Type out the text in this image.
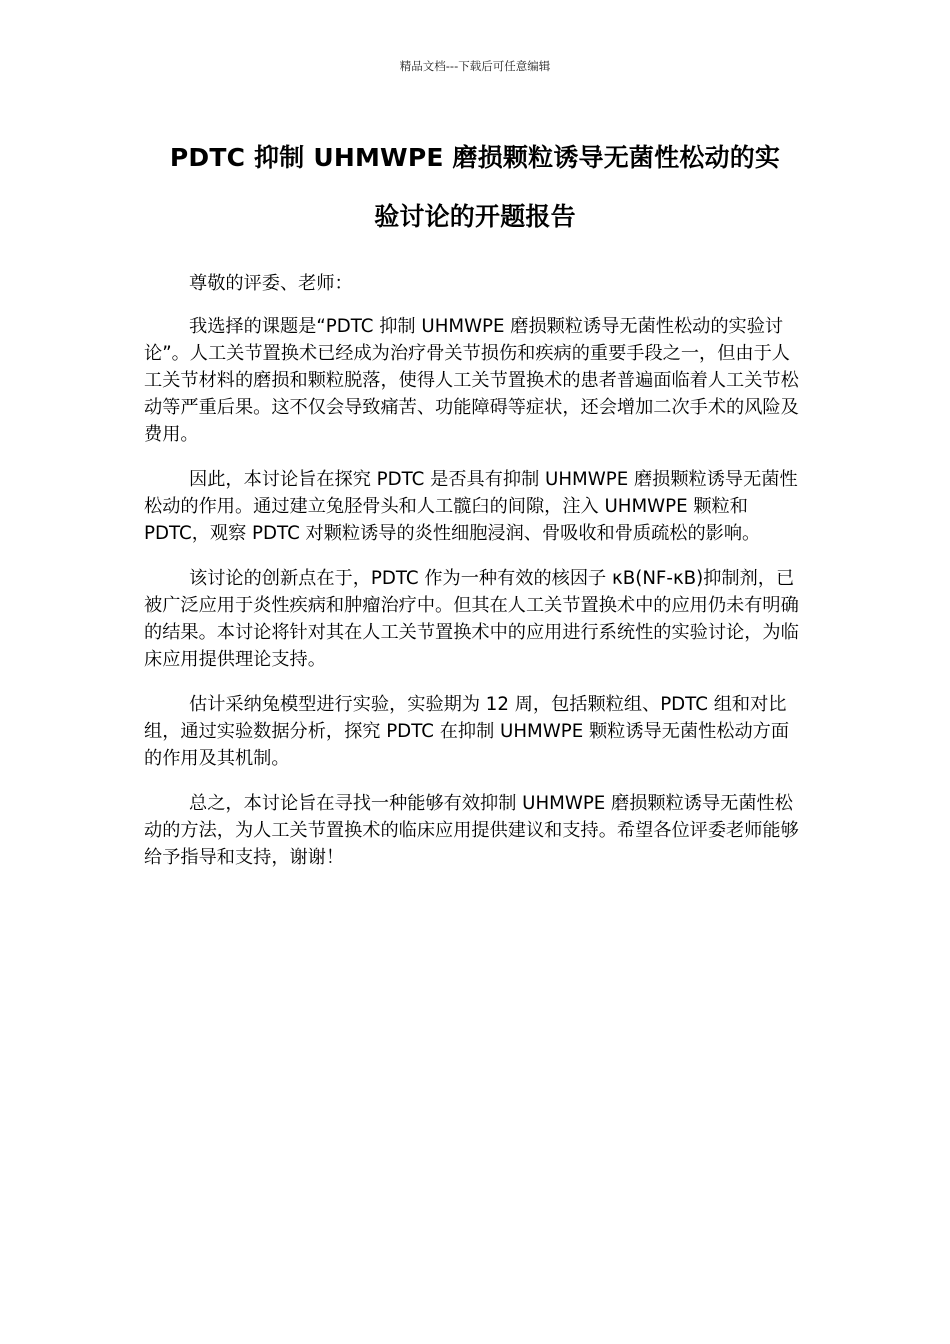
精品文档---下载后可任意编辑
PDTC 抑制 UHMWPE 磨损颗粒诱导无菌性松动的实
验讨论的开题报告

尊敬的评委、老师：

我选择的课题是“PDTC 抑制 UHMWPE 磨损颗粒诱导无菌性松动的实验讨论”。人工关节置换术已经成为治疗骨关节损伤和疾病的重要手段之一，但由于人工关节材料的磨损和颗粒脱落，使得人工关节置换术的患者普遍面临着人工关节松动等严重后果。这不仅会导致痛苦、功能障碍等症状，还会增加二次手术的风险及费用。

因此，本讨论旨在探究 PDTC 是否具有抑制 UHMWPE 磨损颗粒诱导无菌性松动的作用。通过建立兔胫骨头和人工髋臼的间隙，注入 UHMWPE 颗粒和 PDTC，观察 PDTC 对颗粒诱导的炎性细胞浸润、骨吸收和骨质疏松的影响。

该讨论的创新点在于，PDTC 作为一种有效的核因子 κB(NF-κB)抑制剂，已被广泛应用于炎性疾病和肿瘤治疗中。但其在人工关节置换术中的应用仍未有明确的结果。本讨论将针对其在人工关节置换术中的应用进行系统性的实验讨论，为临床应用提供理论支持。

估计采纳兔模型进行实验，实验期为 12 周，包括颗粒组、PDTC 组和对比组，通过实验数据分析，探究 PDTC 在抑制 UHMWPE 颗粒诱导无菌性松动方面的作用及其机制。

总之，本讨论旨在寻找一种能够有效抑制 UHMWPE 磨损颗粒诱导无菌性松动的方法，为人工关节置换术的临床应用提供建议和支持。希望各位评委老师能够给予指导和支持，谢谢！
